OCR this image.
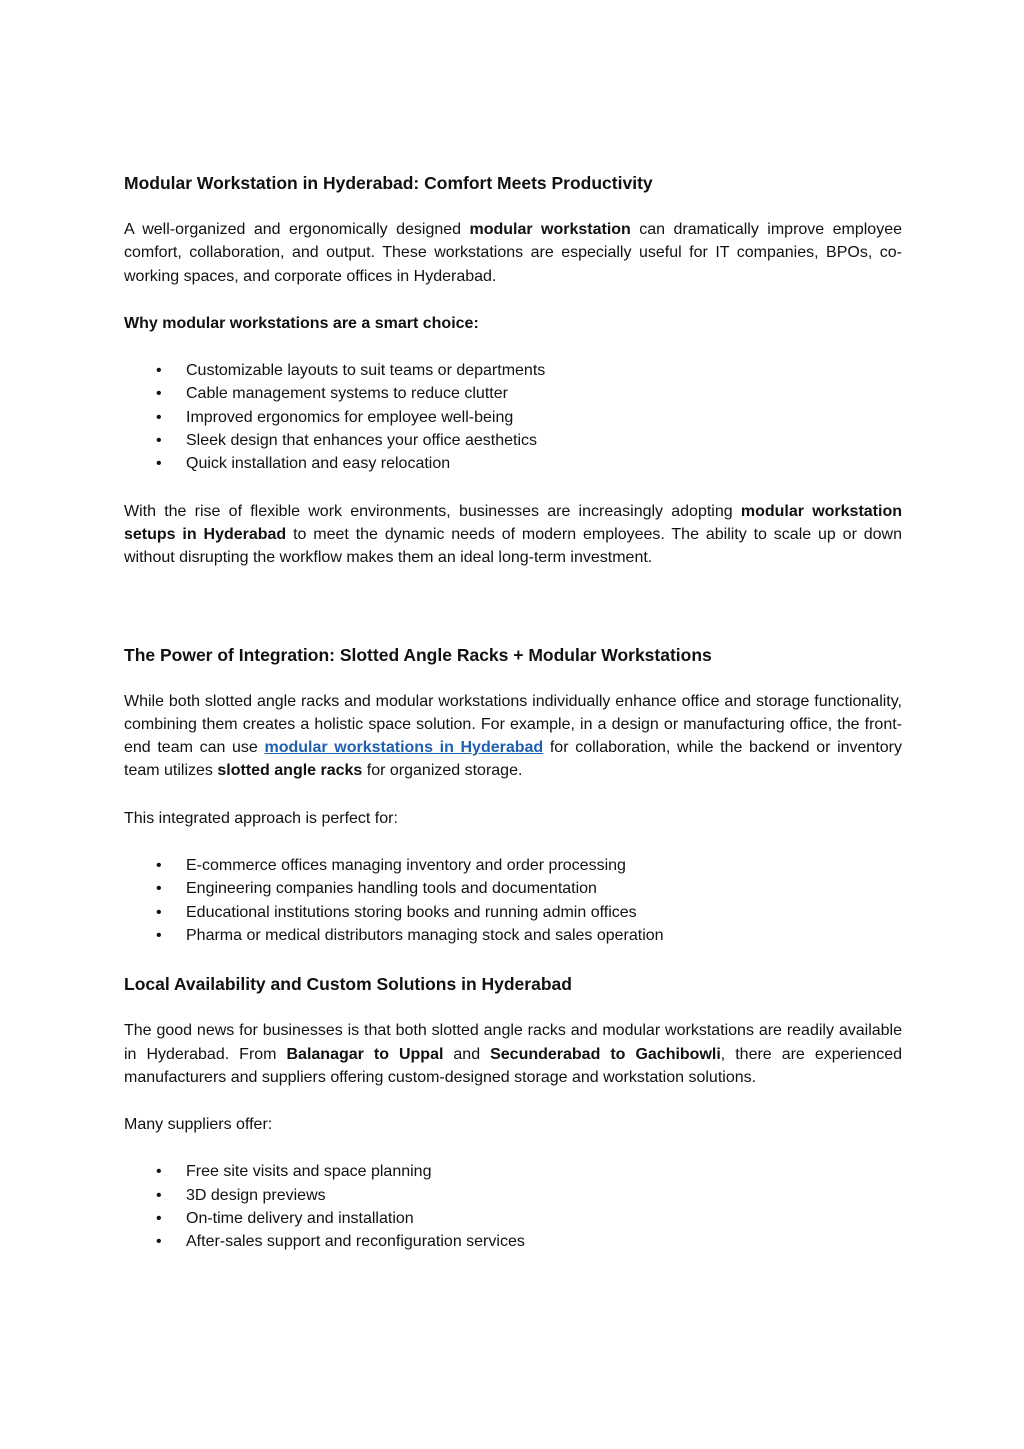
Modular Workstation in Hyderabad: Comfort Meets Productivity

A well-organized and ergonomically designed modular workstation can dramatically improve employee comfort, collaboration, and output. These workstations are especially useful for IT companies, BPOs, co-working spaces, and corporate offices in Hyderabad.

Why modular workstations are a smart choice:

• Customizable layouts to suit teams or departments
• Cable management systems to reduce clutter
• Improved ergonomics for employee well-being
• Sleek design that enhances your office aesthetics
• Quick installation and easy relocation

With the rise of flexible work environments, businesses are increasingly adopting modular workstation setups in Hyderabad to meet the dynamic needs of modern employees. The ability to scale up or down without disrupting the workflow makes them an ideal long-term investment.

The Power of Integration: Slotted Angle Racks + Modular Workstations

While both slotted angle racks and modular workstations individually enhance office and storage functionality, combining them creates a holistic space solution. For example, in a design or manufacturing office, the front-end team can use modular workstations in Hyderabad for collaboration, while the backend or inventory team utilizes slotted angle racks for organized storage.

This integrated approach is perfect for:

• E-commerce offices managing inventory and order processing
• Engineering companies handling tools and documentation
• Educational institutions storing books and running admin offices
• Pharma or medical distributors managing stock and sales operation
Local Availability and Custom Solutions in Hyderabad

The good news for businesses is that both slotted angle racks and modular workstations are readily available in Hyderabad. From Balanagar to Uppal and Secunderabad to Gachibowli, there are experienced manufacturers and suppliers offering custom-designed storage and workstation solutions.

Many suppliers offer:

• Free site visits and space planning
• 3D design previews
• On-time delivery and installation
• After-sales support and reconfiguration services
